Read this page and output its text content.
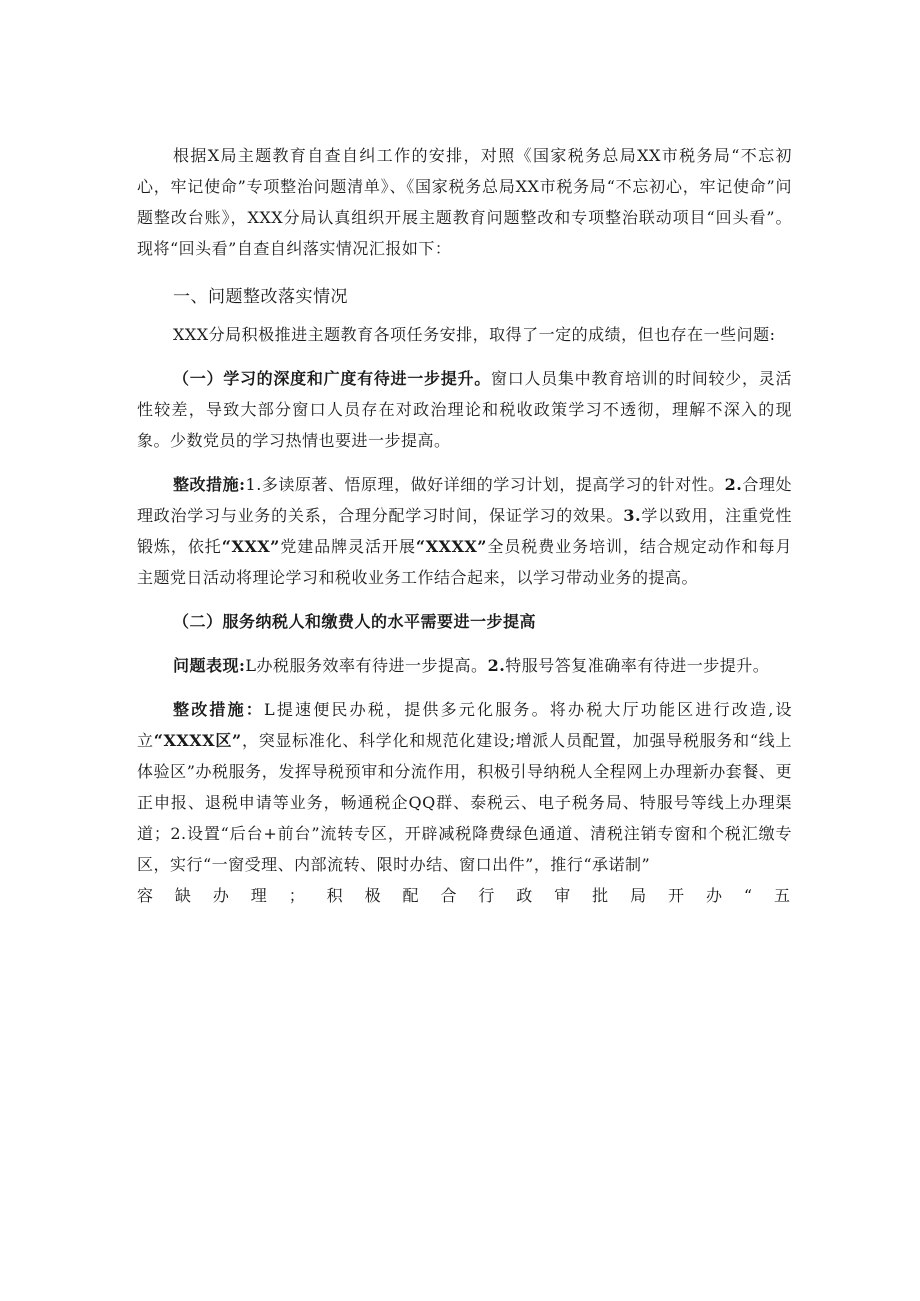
根据X局主题教育自查自纠工作的安排，对照《国家税务总局XX市税务局“不忘初心，牢记使命”专项整治问题清单》、《国家税务总局XX市税务局“不忘初心，牢记使命”问题整改台账》，XXX分局认真组织开展主题教育问题整改和专项整治联动项目“回头看”。现将“回头看”自查自纠落实情况汇报如下：

一、问题整改落实情况

XXX分局积极推进主题教育各项任务安排，取得了一定的成绩，但也存在一些问题:

（一）学习的深度和广度有待进一步提升。窗口人员集中教育培训的时间较少，灵活性较差，导致大部分窗口人员存在对政治理论和税收政策学习不透彻，理解不深入的现象。少数党员的学习热情也要进一步提高。

整改措施:1.多读原著、悟原理，做好详细的学习计划，提高学习的针对性。2.合理处理政治学习与业务的关系，合理分配学习时间，保证学习的效果。3.学以致用，注重党性锻炼，依托“XXX”党建品牌灵活开展“XXXX”全员税费业务培训，结合规定动作和每月主题党日活动将理论学习和税收业务工作结合起来，以学习带动业务的提高。

（二）服务纳税人和缴费人的水平需要进一步提高

问题表现:L办税服务效率有待进一步提高。2.特服号答复准确率有待进一步提升。

整改措施：L提速便民办税，提供多元化服务。将办税大厅功能区进行改造,设立“XXXX区”，突显标准化、科学化和规范化建设;增派人员配置，加强导税服务和“线上体验区”办税服务，发挥导税预审和分流作用，积极引导纳税人全程网上办理新办套餐、更正申报、退税申请等业务，畅通税企QQ群、泰税云、电子税务局、特服号等线上办理渠道；2.设置“后台+前台”流转专区，开辟减税降费绿色通道、清税注销专窗和个税汇缴专区，实行“一窗受理、内部流转、限时办结、窗口出件”，推行“承诺制”

容缺办理；积极配合行政审批局开办“五
